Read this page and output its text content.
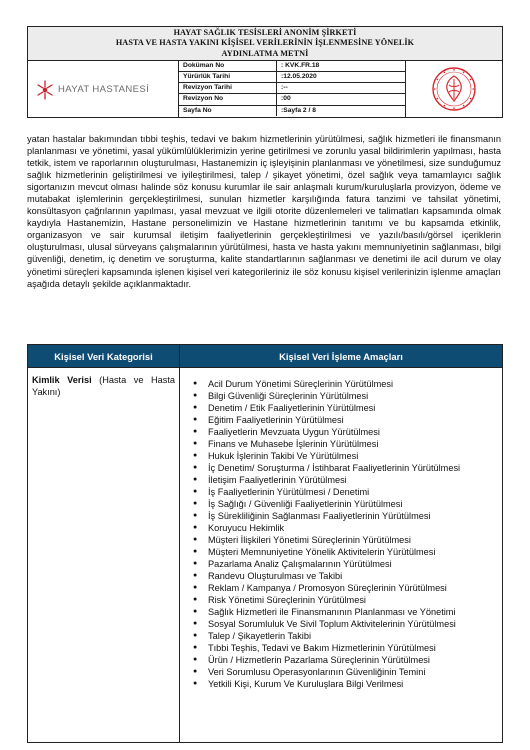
HAYAT SAĞLIK TESİSLERİ ANONİM ŞİRKETİ
HASTA VE HASTA YAKINI KİŞİSEL VERİLERİNİN İŞLENMESİNE YÖNELİK
AYDINLATMA METNİ
HAYAT HASTANESİ
Doküman No	: KVK.FR.18
Yürürlük Tarihi	:12.05.2020
Revizyon Tarihi	:--
Revizyon No	:00
Sayfa No	:Sayfa 2 / 8
yatan hastalar bakımından tıbbi teşhis, tedavi ve bakım hizmetlerinin yürütülmesi, sağlık hizmetleri ile finansmanın planlanması ve yönetimi, yasal yükümlülüklerimizin yerine getirilmesi ve zorunlu yasal bildirimlerin yapılması, hasta tetkik, istem ve raporlarının oluşturulması, Hastanemizin iç işleyişinin planlanması ve yönetilmesi, size sunduğumuz sağlık hizmetlerinin geliştirilmesi ve iyileştirilmesi, talep / şikayet yönetimi, özel sağlık veya tamamlayıcı sağlık sigortanızın mevcut olması halinde söz konusu kurumlar ile sair anlaşmalı kurum/kuruluşlarla provizyon, ödeme ve mutabakat işlemlerinin gerçekleştirilmesi, sunulan hizmetler karşılığında fatura tanzimi ve tahsilat yönetimi, konsültasyon çağrılarının yapılması, yasal mevzuat ve ilgili otorite düzenlemeleri ve talimatları kapsamında olmak kaydıyla Hastanemizin, Hastane personelimizin ve Hastane hizmetlerinin tanıtımı ve bu kapsamda etkinlik, organizasyon ve sair kurumsal iletişim faaliyetlerinin gerçekleştirilmesi ve yazılı/basılı/görsel içeriklerin oluşturulması, ulusal sürveyans çalışmalarının yürütülmesi, hasta ve hasta yakını memnuniyetinin sağlanması, bilgi güvenliği, denetim, iç denetim ve soruşturma, kalite standartlarının sağlanması ve denetimi ile acil durum ve olay yönetimi süreçleri kapsamında işlenen kişisel veri kategorileriniz ile söz konusu kişisel verilerinizin işlenme amaçları aşağıda detaylı şekilde açıklanmaktadır.
Kişisel Veri Kategorisi	Kişisel Veri İşleme Amaçları
Kimlik Verisi (Hasta ve Hasta Yakını)
● Acil Durum Yönetimi Süreçlerinin Yürütülmesi
● Bilgi Güvenliği Süreçlerinin Yürütülmesi
● Denetim / Etik Faaliyetlerinin Yürütülmesi
● Eğitim Faaliyetlerinin Yürütülmesi
● Faaliyetlerin Mevzuata Uygun Yürütülmesi
● Finans ve Muhasebe İşlerinin Yürütülmesi
● Hukuk İşlerinin Takibi Ve Yürütülmesi
● İç Denetim/ Soruşturma / İstihbarat Faaliyetlerinin Yürütülmesi
● İletişim Faaliyetlerinin Yürütülmesi
● İş Faaliyetlerinin Yürütülmesi / Denetimi
● İş Sağlığı / Güvenliği Faaliyetlerinin Yürütülmesi
● İş Sürekliliğinin Sağlanması Faaliyetlerinin Yürütülmesi
● Koruyucu Hekimlik
● Müşteri İlişkileri Yönetimi Süreçlerinin Yürütülmesi
● Müşteri Memnuniyetine Yönelik Aktivitelerin Yürütülmesi
● Pazarlama Analiz Çalışmalarının Yürütülmesi
● Randevu Oluşturulması ve Takibi
● Reklam / Kampanya / Promosyon Süreçlerinin Yürütülmesi
● Risk Yönetimi Süreçlerinin Yürütülmesi
● Sağlık Hizmetleri ile Finansmanının Planlanması ve Yönetimi
● Sosyal Sorumluluk Ve Sivil Toplum Aktivitelerinin Yürütülmesi
● Talep / Şikayetlerin Takibi
● Tıbbi Teşhis, Tedavi ve Bakım Hizmetlerinin Yürütülmesi
● Ürün / Hizmetlerin Pazarlama Süreçlerinin Yürütülmesi
● Veri Sorumlusu Operasyonlarının Güvenliğinin Temini
● Yetkili Kişi, Kurum Ve Kuruluşlara Bilgi Verilmesi
